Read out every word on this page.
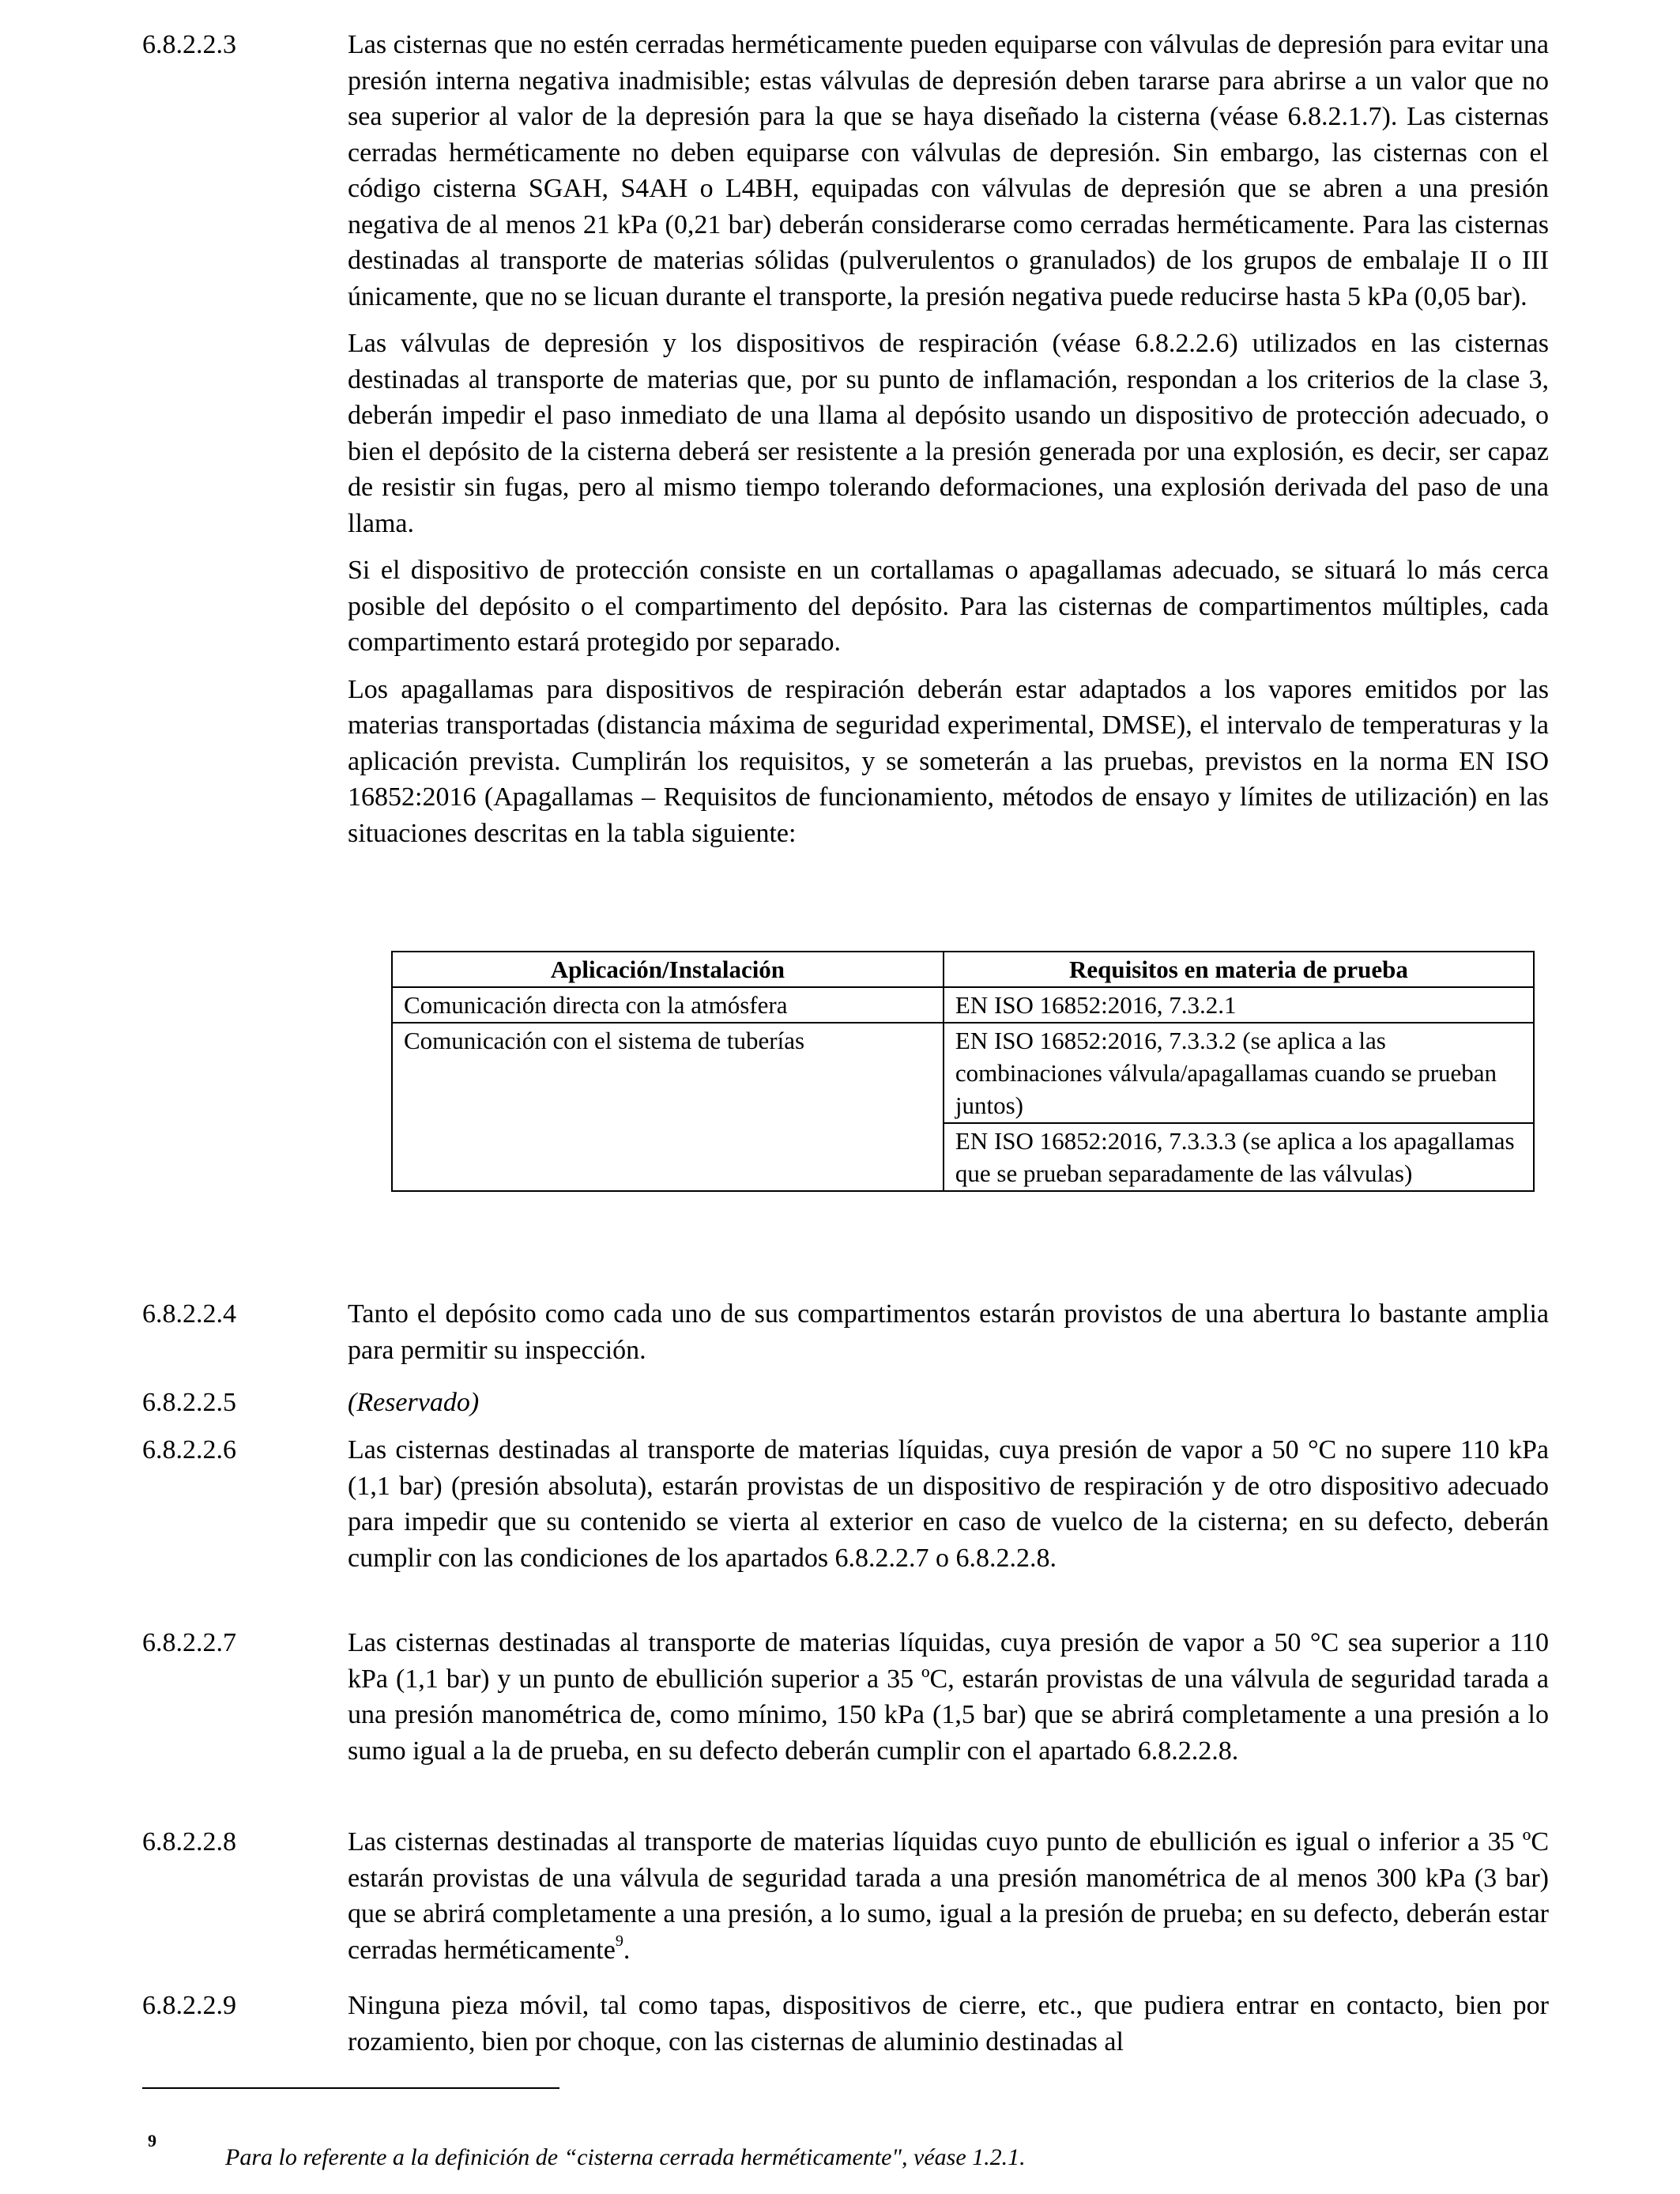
6.8.2.2.3	Las cisternas que no estén cerradas herméticamente pueden equiparse con válvulas de depresión para evitar una presión interna negativa inadmisible; estas válvulas de depresión deben tararse para abrirse a un valor que no sea superior al valor de la depresión para la que se haya diseñado la cisterna (véase 6.8.2.1.7). Las cisternas cerradas herméticamente no deben equiparse con válvulas de depresión. Sin embargo, las cisternas con el código cisterna SGAH, S4AH o L4BH, equipadas con válvulas de depresión que se abren a una presión negativa de al menos 21 kPa (0,21 bar) deberán considerarse como cerradas herméticamente. Para las cisternas destinadas al transporte de materias sólidas (pulverulentos o granulados) de los grupos de embalaje II o III únicamente, que no se licuan durante el transporte, la presión negativa puede reducirse hasta 5 kPa (0,05 bar).

Las válvulas de depresión y los dispositivos de respiración (véase 6.8.2.2.6) utilizados en las cisternas destinadas al transporte de materias que, por su punto de inflamación, respondan a los criterios de la clase 3, deberán impedir el paso inmediato de una llama al depósito usando un dispositivo de protección adecuado, o bien el depósito de la cisterna deberá ser resistente a la presión generada por una explosión, es decir, ser capaz de resistir sin fugas, pero al mismo tiempo tolerando deformaciones, una explosión derivada del paso de una llama.

Si el dispositivo de protección consiste en un cortallamas o apagallamas adecuado, se situará lo más cerca posible del depósito o el compartimento del depósito. Para las cisternas de compartimentos múltiples, cada compartimento estará protegido por separado.

Los apagallamas para dispositivos de respiración deberán estar adaptados a los vapores emitidos por las materias transportadas (distancia máxima de seguridad experimental, DMSE), el intervalo de temperaturas y la aplicación prevista. Cumplirán los requisitos, y se someterán a las pruebas, previstos en la norma EN ISO 16852:2016 (Apagallamas – Requisitos de funcionamiento, métodos de ensayo y límites de utilización) en las situaciones descritas en la tabla siguiente:

Aplicación/Instalación	Requisitos en materia de prueba
Comunicación directa con la atmósfera	EN ISO 16852:2016, 7.3.2.1
Comunicación con el sistema de tuberías	EN ISO 16852:2016, 7.3.3.2 (se aplica a las combinaciones válvula/apagallamas cuando se prueban juntos)
	EN ISO 16852:2016, 7.3.3.3 (se aplica a los apagallamas que se prueban separadamente de las válvulas)
6.8.2.2.4	Tanto el depósito como cada uno de sus compartimentos estarán provistos de una abertura lo bastante amplia para permitir su inspección.

6.8.2.2.5	(Reservado)

6.8.2.2.6	Las cisternas destinadas al transporte de materias líquidas, cuya presión de vapor a 50 °C no supere 110 kPa (1,1 bar) (presión absoluta), estarán provistas de un dispositivo de respiración y de otro dispositivo adecuado para impedir que su contenido se vierta al exterior en caso de vuelco de la cisterna; en su defecto, deberán cumplir con las condiciones de los apartados 6.8.2.2.7 o 6.8.2.2.8.

6.8.2.2.7	Las cisternas destinadas al transporte de materias líquidas, cuya presión de vapor a 50 °C sea superior a 110 kPa (1,1 bar) y un punto de ebullición superior a 35 ºC, estarán provistas de una válvula de seguridad tarada a una presión manométrica de, como mínimo, 150 kPa (1,5 bar) que se abrirá completamente a una presión a lo sumo igual a la de prueba, en su defecto deberán cumplir con el apartado 6.8.2.2.8.

6.8.2.2.8	Las cisternas destinadas al transporte de materias líquidas cuyo punto de ebullición es igual o inferior a 35 ºC estarán provistas de una válvula de seguridad tarada a una presión manométrica de al menos 300 kPa (3 bar) que se abrirá completamente a una presión, a lo sumo, igual a la presión de prueba; en su defecto, deberán estar cerradas herméticamente$^9$.

6.8.2.2.9	Ninguna pieza móvil, tal como tapas, dispositivos de cierre, etc., que pudiera entrar en contacto, bien por rozamiento, bien por choque, con las cisternas de aluminio destinadas al

9
Para lo referente a la definición de “cisterna cerrada herméticamente", véase 1.2.1.
